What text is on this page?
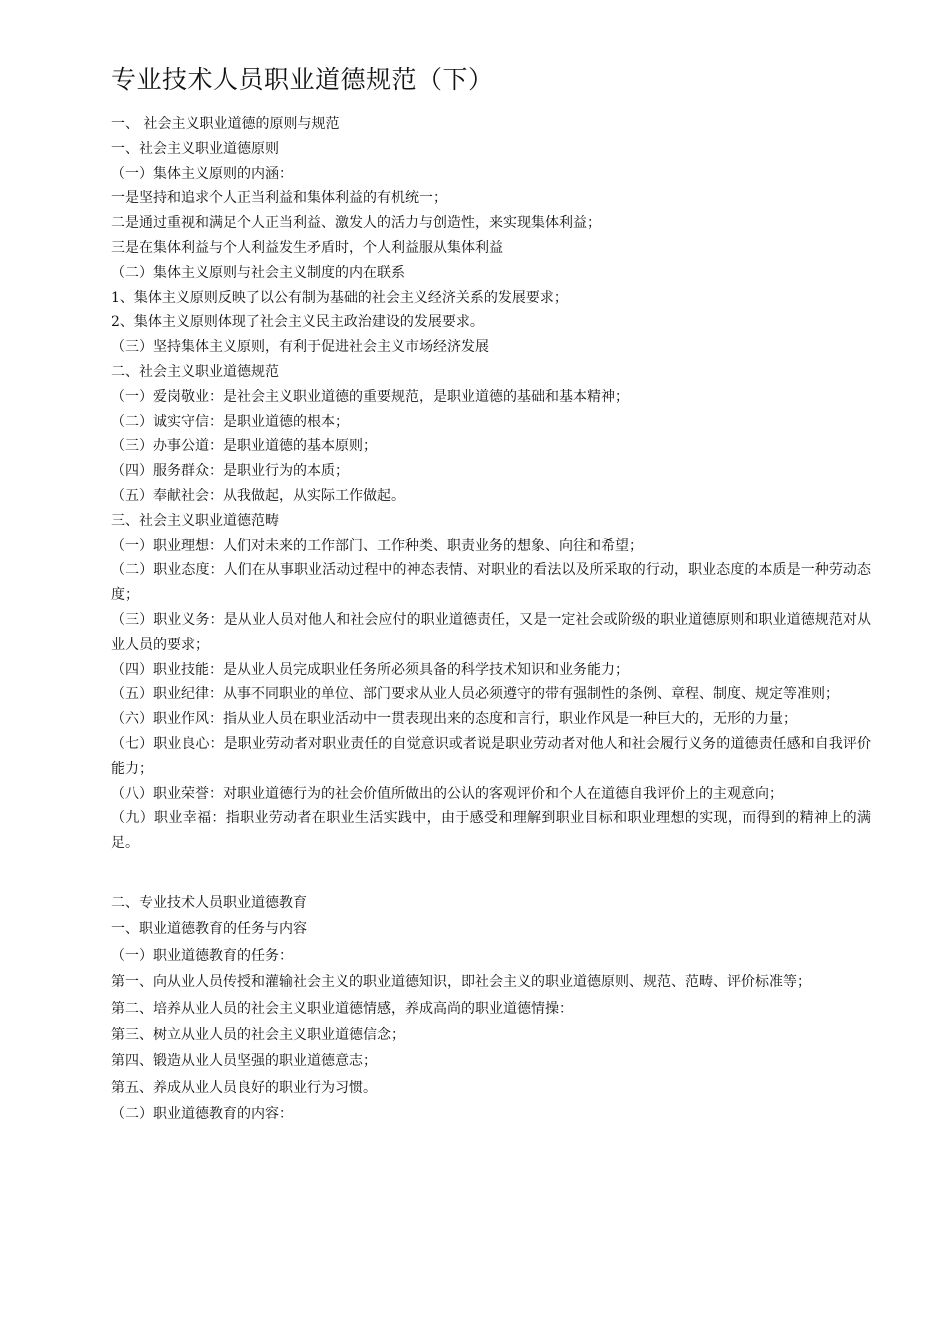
专业技术人员职业道德规范（下）

一、 社会主义职业道德的原则与规范

一、社会主义职业道德原则

（一）集体主义原则的内涵：

一是坚持和追求个人正当利益和集体利益的有机统一；

二是通过重视和满足个人正当利益、激发人的活力与创造性，来实现集体利益；

三是在集体利益与个人利益发生矛盾时，个人利益服从集体利益

（二）集体主义原则与社会主义制度的内在联系

1、集体主义原则反映了以公有制为基础的社会主义经济关系的发展要求；

2、集体主义原则体现了社会主义民主政治建设的发展要求。

（三）坚持集体主义原则，有利于促进社会主义市场经济发展

二、社会主义职业道德规范

（一）爱岗敬业：是社会主义职业道德的重要规范，是职业道德的基础和基本精神；

（二）诚实守信：是职业道德的根本；

（三）办事公道：是职业道德的基本原则；

（四）服务群众：是职业行为的本质；

（五）奉献社会：从我做起，从实际工作做起。

三、社会主义职业道德范畴

（一）职业理想：人们对未来的工作部门、工作种类、职责业务的想象、向往和希望；

（二）职业态度：人们在从事职业活动过程中的神态表情、对职业的看法以及所采取的行动，职业态度的本质是一种劳动态度；

（三）职业义务：是从业人员对他人和社会应付的职业道德责任，又是一定社会或阶级的职业道德原则和职业道德规范对从业人员的要求；

（四）职业技能：是从业人员完成职业任务所必须具备的科学技术知识和业务能力；

（五）职业纪律：从事不同职业的单位、部门要求从业人员必须遵守的带有强制性的条例、章程、制度、规定等准则；

（六）职业作风：指从业人员在职业活动中一贯表现出来的态度和言行，职业作风是一种巨大的，无形的力量；

（七）职业良心：是职业劳动者对职业责任的自觉意识或者说是职业劳动者对他人和社会履行义务的道德责任感和自我评价能力；

（八）职业荣誉：对职业道德行为的社会价值所做出的公认的客观评价和个人在道德自我评价上的主观意向；

（九）职业幸福：指职业劳动者在职业生活实践中，由于感受和理解到职业目标和职业理想的实现，而得到的精神上的满足。

二、专业技术人员职业道德教育

一、职业道德教育的任务与内容

（一）职业道德教育的任务：

第一、向从业人员传授和灌输社会主义的职业道德知识，即社会主义的职业道德原则、规范、范畴、评价标准等；

第二、培养从业人员的社会主义职业道德情感，养成高尚的职业道德情操：

第三、树立从业人员的社会主义职业道德信念；

第四、锻造从业人员坚强的职业道德意志；

第五、养成从业人员良好的职业行为习惯。

（二）职业道德教育的内容：
